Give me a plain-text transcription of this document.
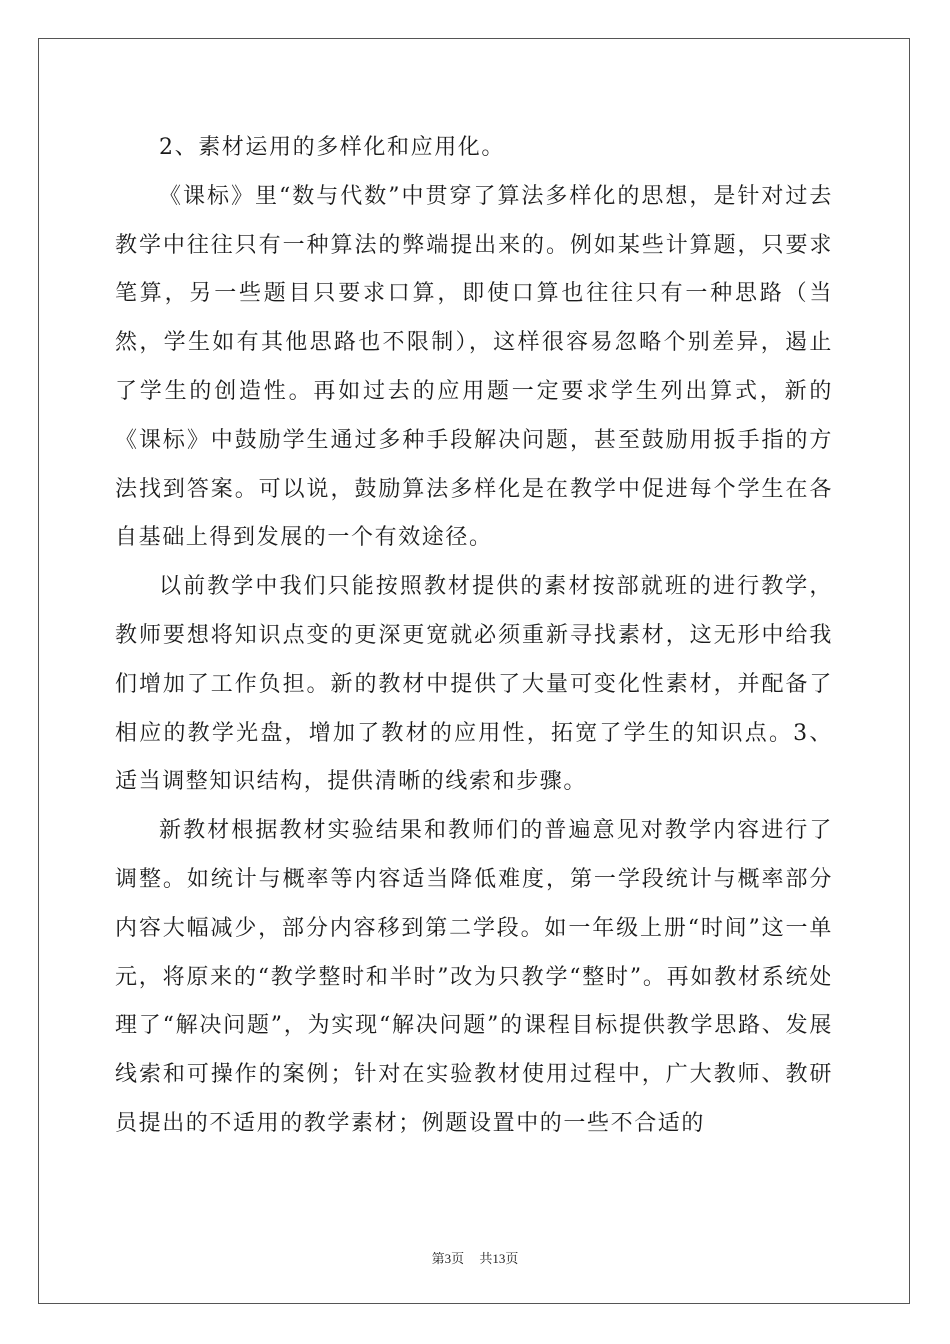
2、素材运用的多样化和应用化。

《课标》里“数与代数”中贯穿了算法多样化的思想，是针对过去教学中往往只有一种算法的弊端提出来的。例如某些计算题，只要求笔算，另一些题目只要求口算，即使口算也往往只有一种思路（当然，学生如有其他思路也不限制），这样很容易忽略个别差异，遏止了学生的创造性。再如过去的应用题一定要求学生列出算式，新的《课标》中鼓励学生通过多种手段解决问题，甚至鼓励用扳手指的方法找到答案。可以说，鼓励算法多样化是在教学中促进每个学生在各自基础上得到发展的一个有效途径。

以前教学中我们只能按照教材提供的素材按部就班的进行教学，教师要想将知识点变的更深更宽就必须重新寻找素材，这无形中给我们增加了工作负担。新的教材中提供了大量可变化性素材，并配备了相应的教学光盘，增加了教材的应用性，拓宽了学生的知识点。3、适当调整知识结构，提供清晰的线索和步骤。

新教材根据教材实验结果和教师们的普遍意见对教学内容进行了调整。如统计与概率等内容适当降低难度，第一学段统计与概率部分内容大幅减少，部分内容移到第二学段。如一年级上册“时间”这一单元，将原来的“教学整时和半时”改为只教学“整时”。再如教材系统处理了“解决问题”，为实现“解决问题”的课程目标提供教学思路、发展线索和可操作的案例；针对在实验教材使用过程中，广大教师、教研员提出的不适用的教学素材；例题设置中的一些不合适的

第3页 共13页
